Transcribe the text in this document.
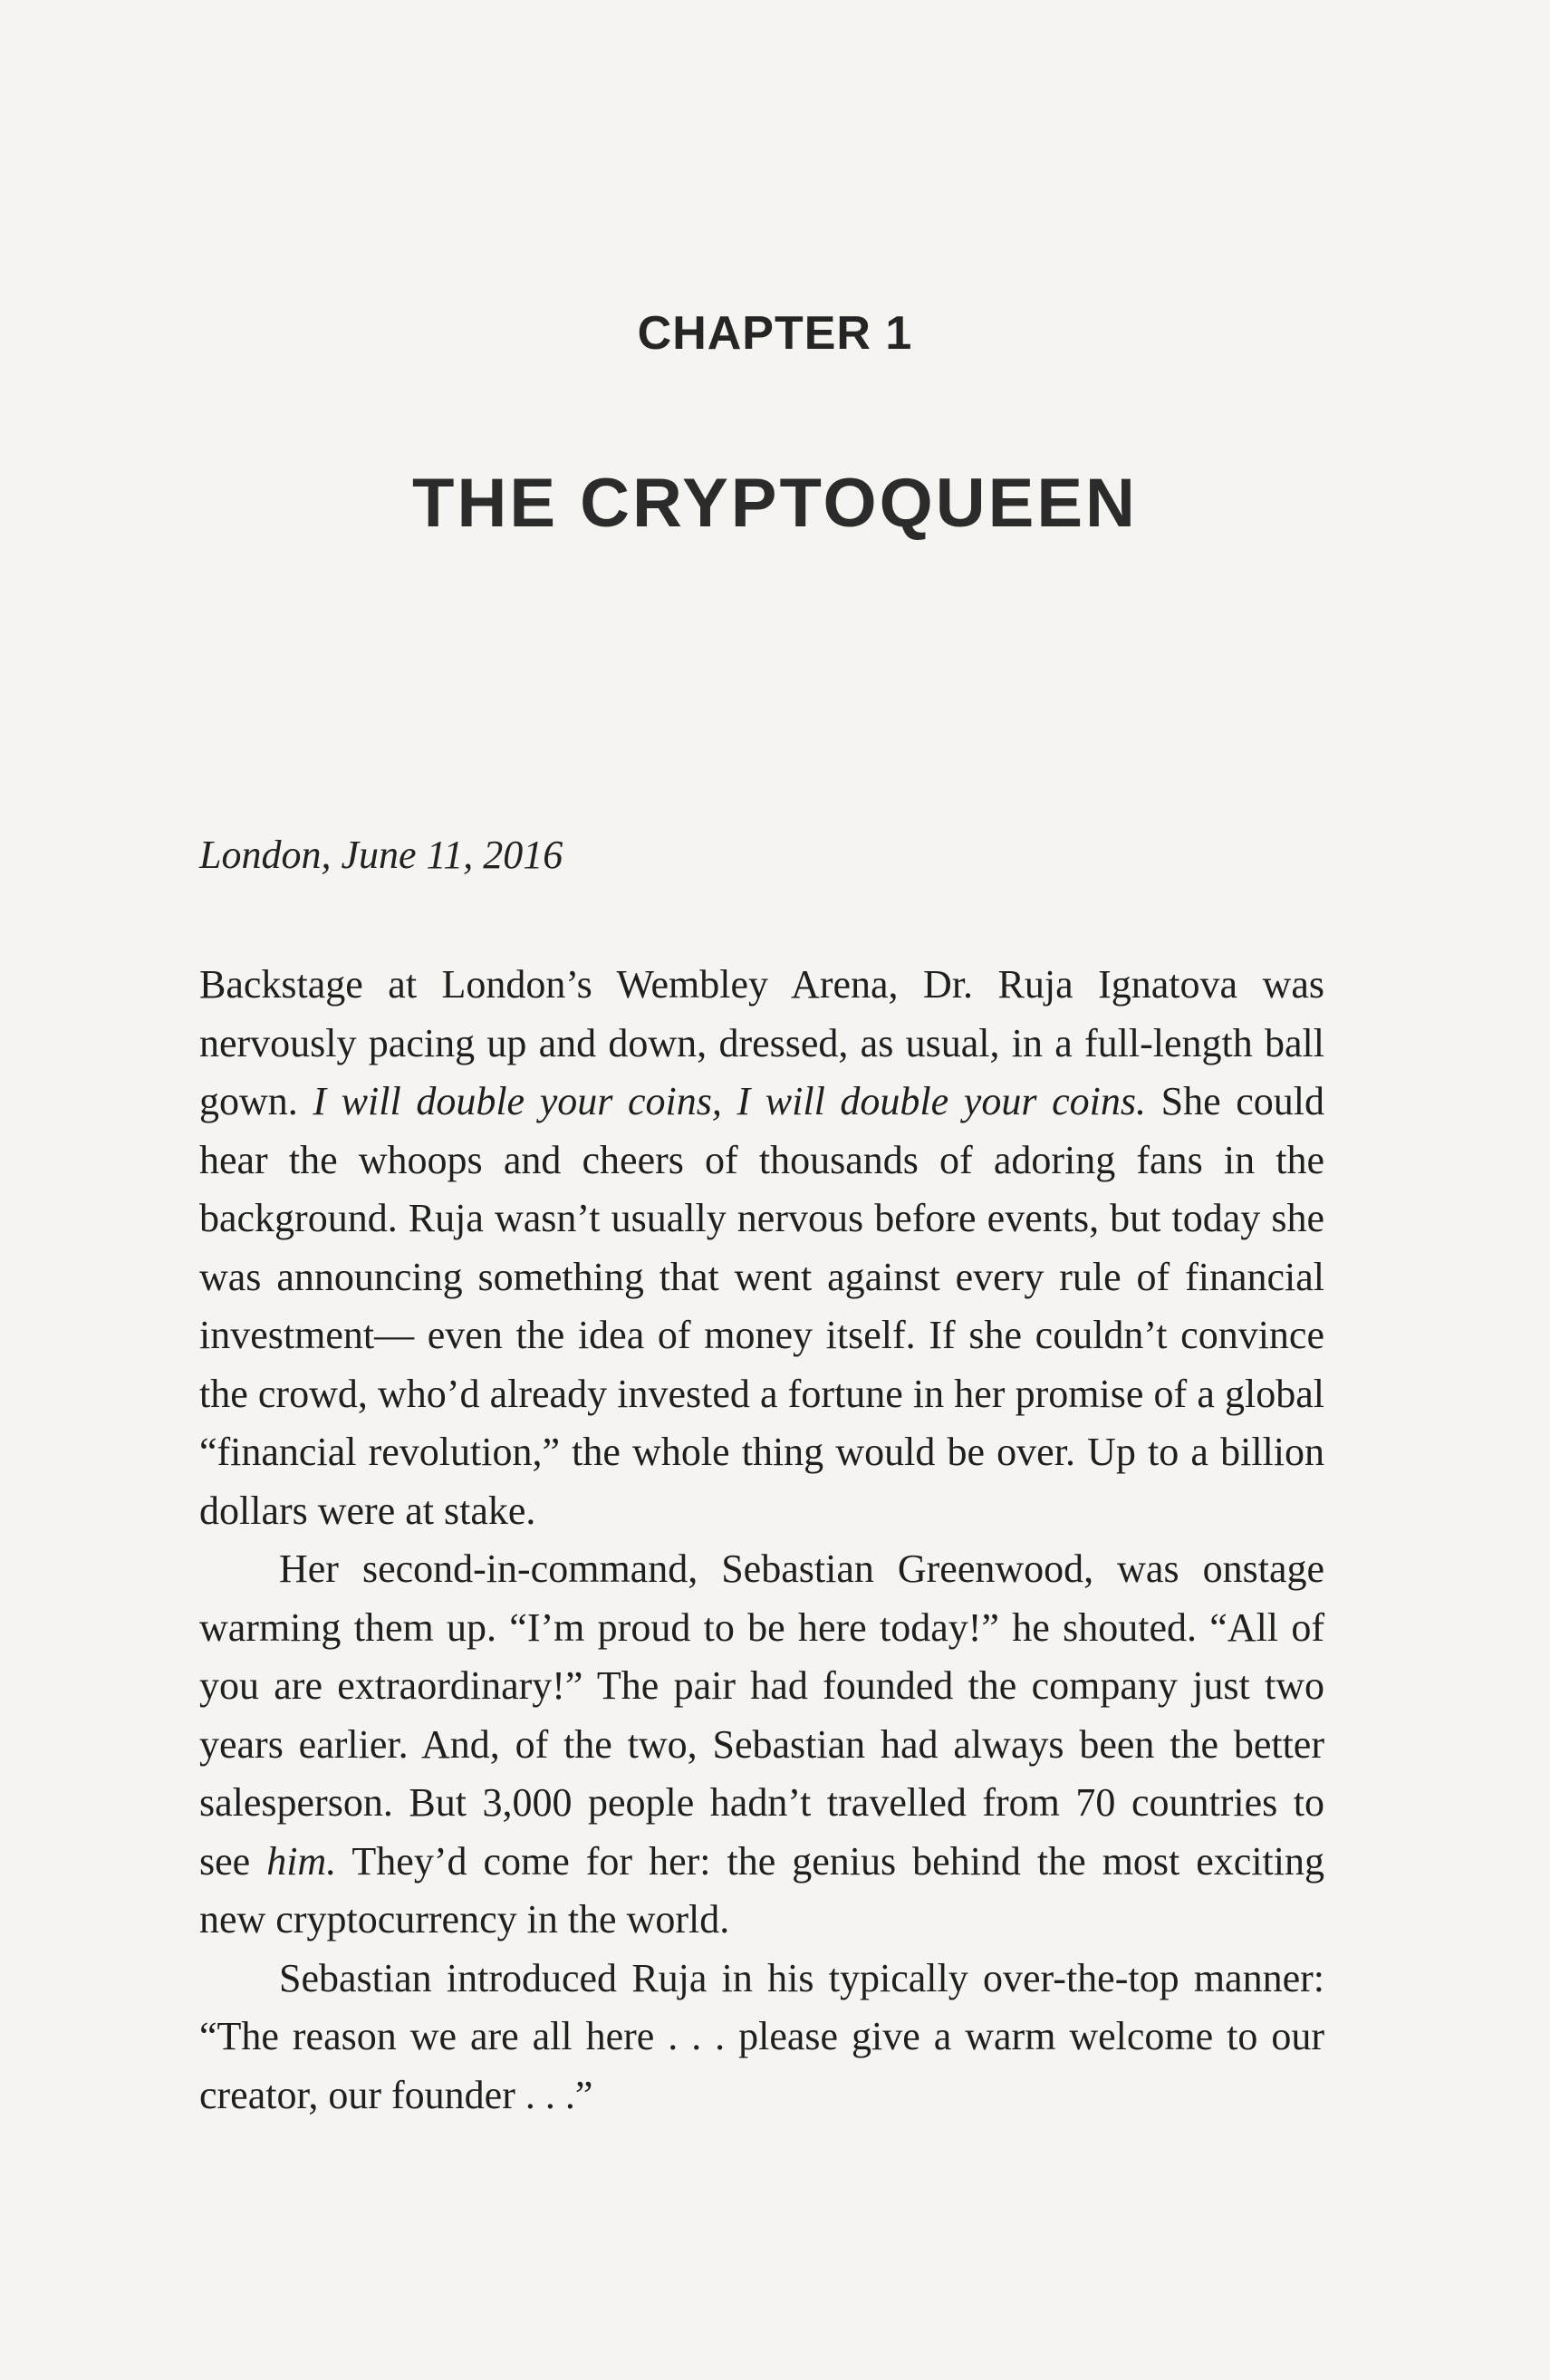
CHAPTER 1
THE CRYPTOQUEEN
London, June 11, 2016

Backstage at London’s Wembley Arena, Dr. Ruja Ignatova was nervously pacing up and down, dressed, as usual, in a full-length ball gown. I will double your coins, I will double your coins. She could hear the whoops and cheers of thousands of adoring fans in the background. Ruja wasn’t usually nervous before events, but today she was announcing something that went against every rule of financial investment— even the idea of money itself. If she couldn’t convince the crowd, who’d already invested a fortune in her promise of a global “financial revolution,” the whole thing would be over. Up to a billion dollars were at stake.

Her second-in-command, Sebastian Greenwood, was onstage warming them up. “I’m proud to be here today!” he shouted. “All of you are extraordinary!” The pair had founded the company just two years earlier. And, of the two, Sebastian had always been the better salesperson. But 3,000 people hadn’t travelled from 70 countries to see him. They’d come for her: the genius behind the most exciting new cryptocurrency in the world.

Sebastian introduced Ruja in his typically over-the-top manner: “The reason we are all here . . . please give a warm welcome to our creator, our founder . . .”
